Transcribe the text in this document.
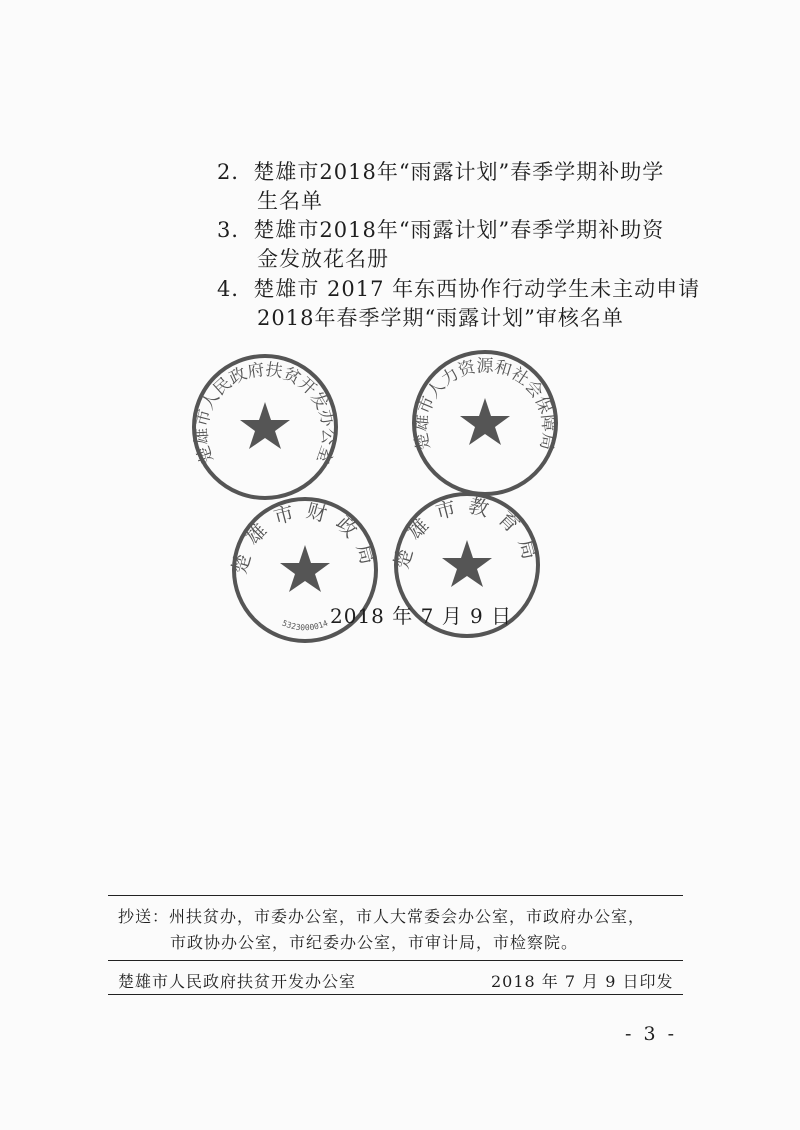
2．楚雄市2018年“雨露计划”春季学期补助学
生名单
3．楚雄市2018年“雨露计划”春季学期补助资
金发放花名册
4．楚雄市 2017 年东西协作行动学生未主动申请
2018年春季学期“雨露计划”审核名单
楚雄市人民政府扶贫开发办公室
楚雄市人力资源和社会保障局
楚雄市财政局
5323000014
楚雄市教育局
2018 年 7 月 9 日
抄送：州扶贫办，市委办公室，市人大常委会办公室，市政府办公室，
市政协办公室，市纪委办公室，市审计局，市检察院。
楚雄市人民政府扶贫开发办公室	2018 年 7 月 9 日印发
- 3 -
